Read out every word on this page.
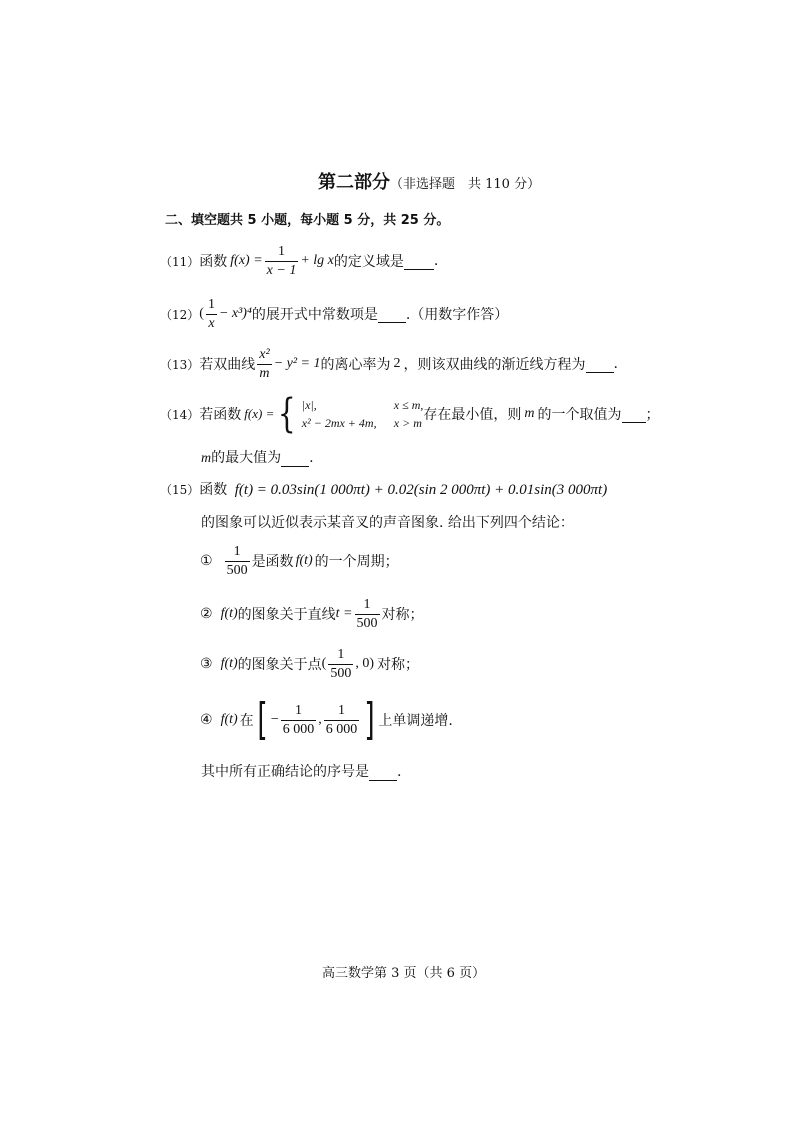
第二部分（非选择题　共 110 分）
二、填空题共 5 小题，每小题 5 分，共 25 分。
（11） 函数 $f(x) = \frac{1}{x - 1} + \lg x$ 的定义域是
.
（12） ( $\frac{1}{x} - x^3)^4$ 的展开式中常数项是
.（用数字作答）
（13） 若双曲线 $\frac{\text{x²}}{m} - y^2 = 1$ 的离心率为 2 ，则该双曲线的渐近线方程为
.
（14） 若函数 f(x) = { |x|,	x ≤ m,
x² − 2mx + 4m,	x > m 存在最小值，则 m 的一个取值为
；
m的最大值为 .
（15）函数 f(t) = 0.03sin(1 000πt) + 0.02(sin 2 000πt) + 0.01sin(3 000πt)
的图象可以近似表示某音叉的声音图象. 给出下列四个结论：
① $\frac{1}{500}$ 是函数 f(t) 的一个周期；
② f(t) 的图象关于直线 $t = \frac{1}{500}$ 对称；
③ f(t) 的图象关于点 ( $\frac{1}{500}$ , 0) 对称；
④ f(t) 在 [ − $\frac{1}{6 000}$ , $\frac{1}{6 000}$ ] 上单调递增.
其中所有正确结论的序号是 .
高三数学第 3 页（共 6 页）
